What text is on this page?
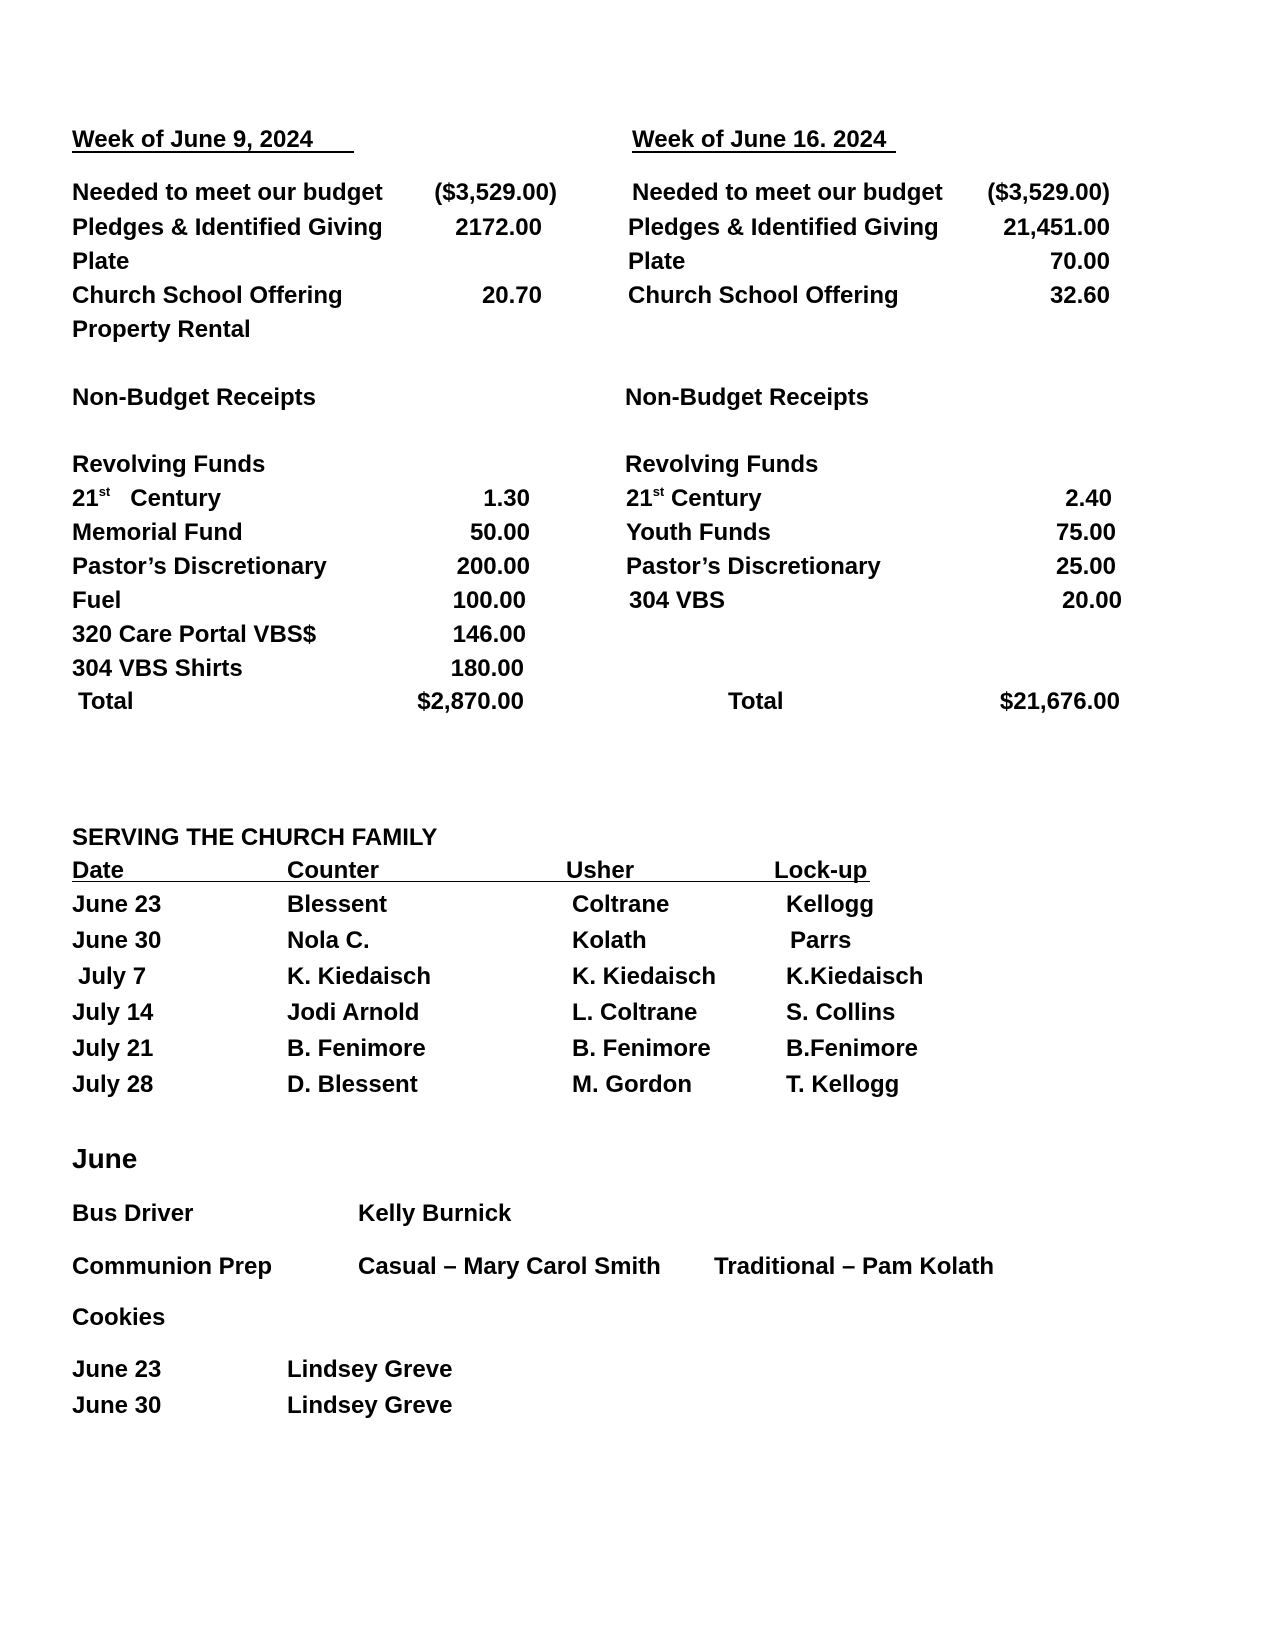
Week of June 9, 2024
Needed to meet our budget	($3,529.00)
Pledges & Identified Giving	2172.00
Plate
Church School Offering	20.70
Property Rental
Non-Budget Receipts
Revolving Funds
21st Century	1.30
Memorial Fund	50.00
Pastor’s Discretionary	200.00
Fuel	100.00
320 Care Portal VBS$	146.00
304 VBS Shirts	180.00
Total	$2,870.00
Week of June 16. 2024
Needed to meet our budget	($3,529.00)
Pledges & Identified Giving	21,451.00
Plate	70.00
Church School Offering	32.60
Non-Budget Receipts
Revolving Funds
21st Century	2.40
Youth Funds	75.00
Pastor’s Discretionary	25.00
304 VBS	20.00
Total	$21,676.00
SERVING THE CHURCH FAMILY
Date	Counter	Usher	Lock-up
June 23	Blessent	Coltrane	Kellogg
June 30	Nola C.	Kolath	Parrs
July 7	K. Kiedaisch	K. Kiedaisch	K.Kiedaisch
July 14	Jodi Arnold	L. Coltrane	S. Collins
July 21	B. Fenimore	B. Fenimore	B.Fenimore
July 28	D. Blessent	M. Gordon	T. Kellogg
June
Bus Driver	Kelly Burnick
Communion Prep	Casual – Mary Carol Smith Traditional – Pam Kolath
Cookies
June 23	Lindsey Greve
June 30	Lindsey Greve
